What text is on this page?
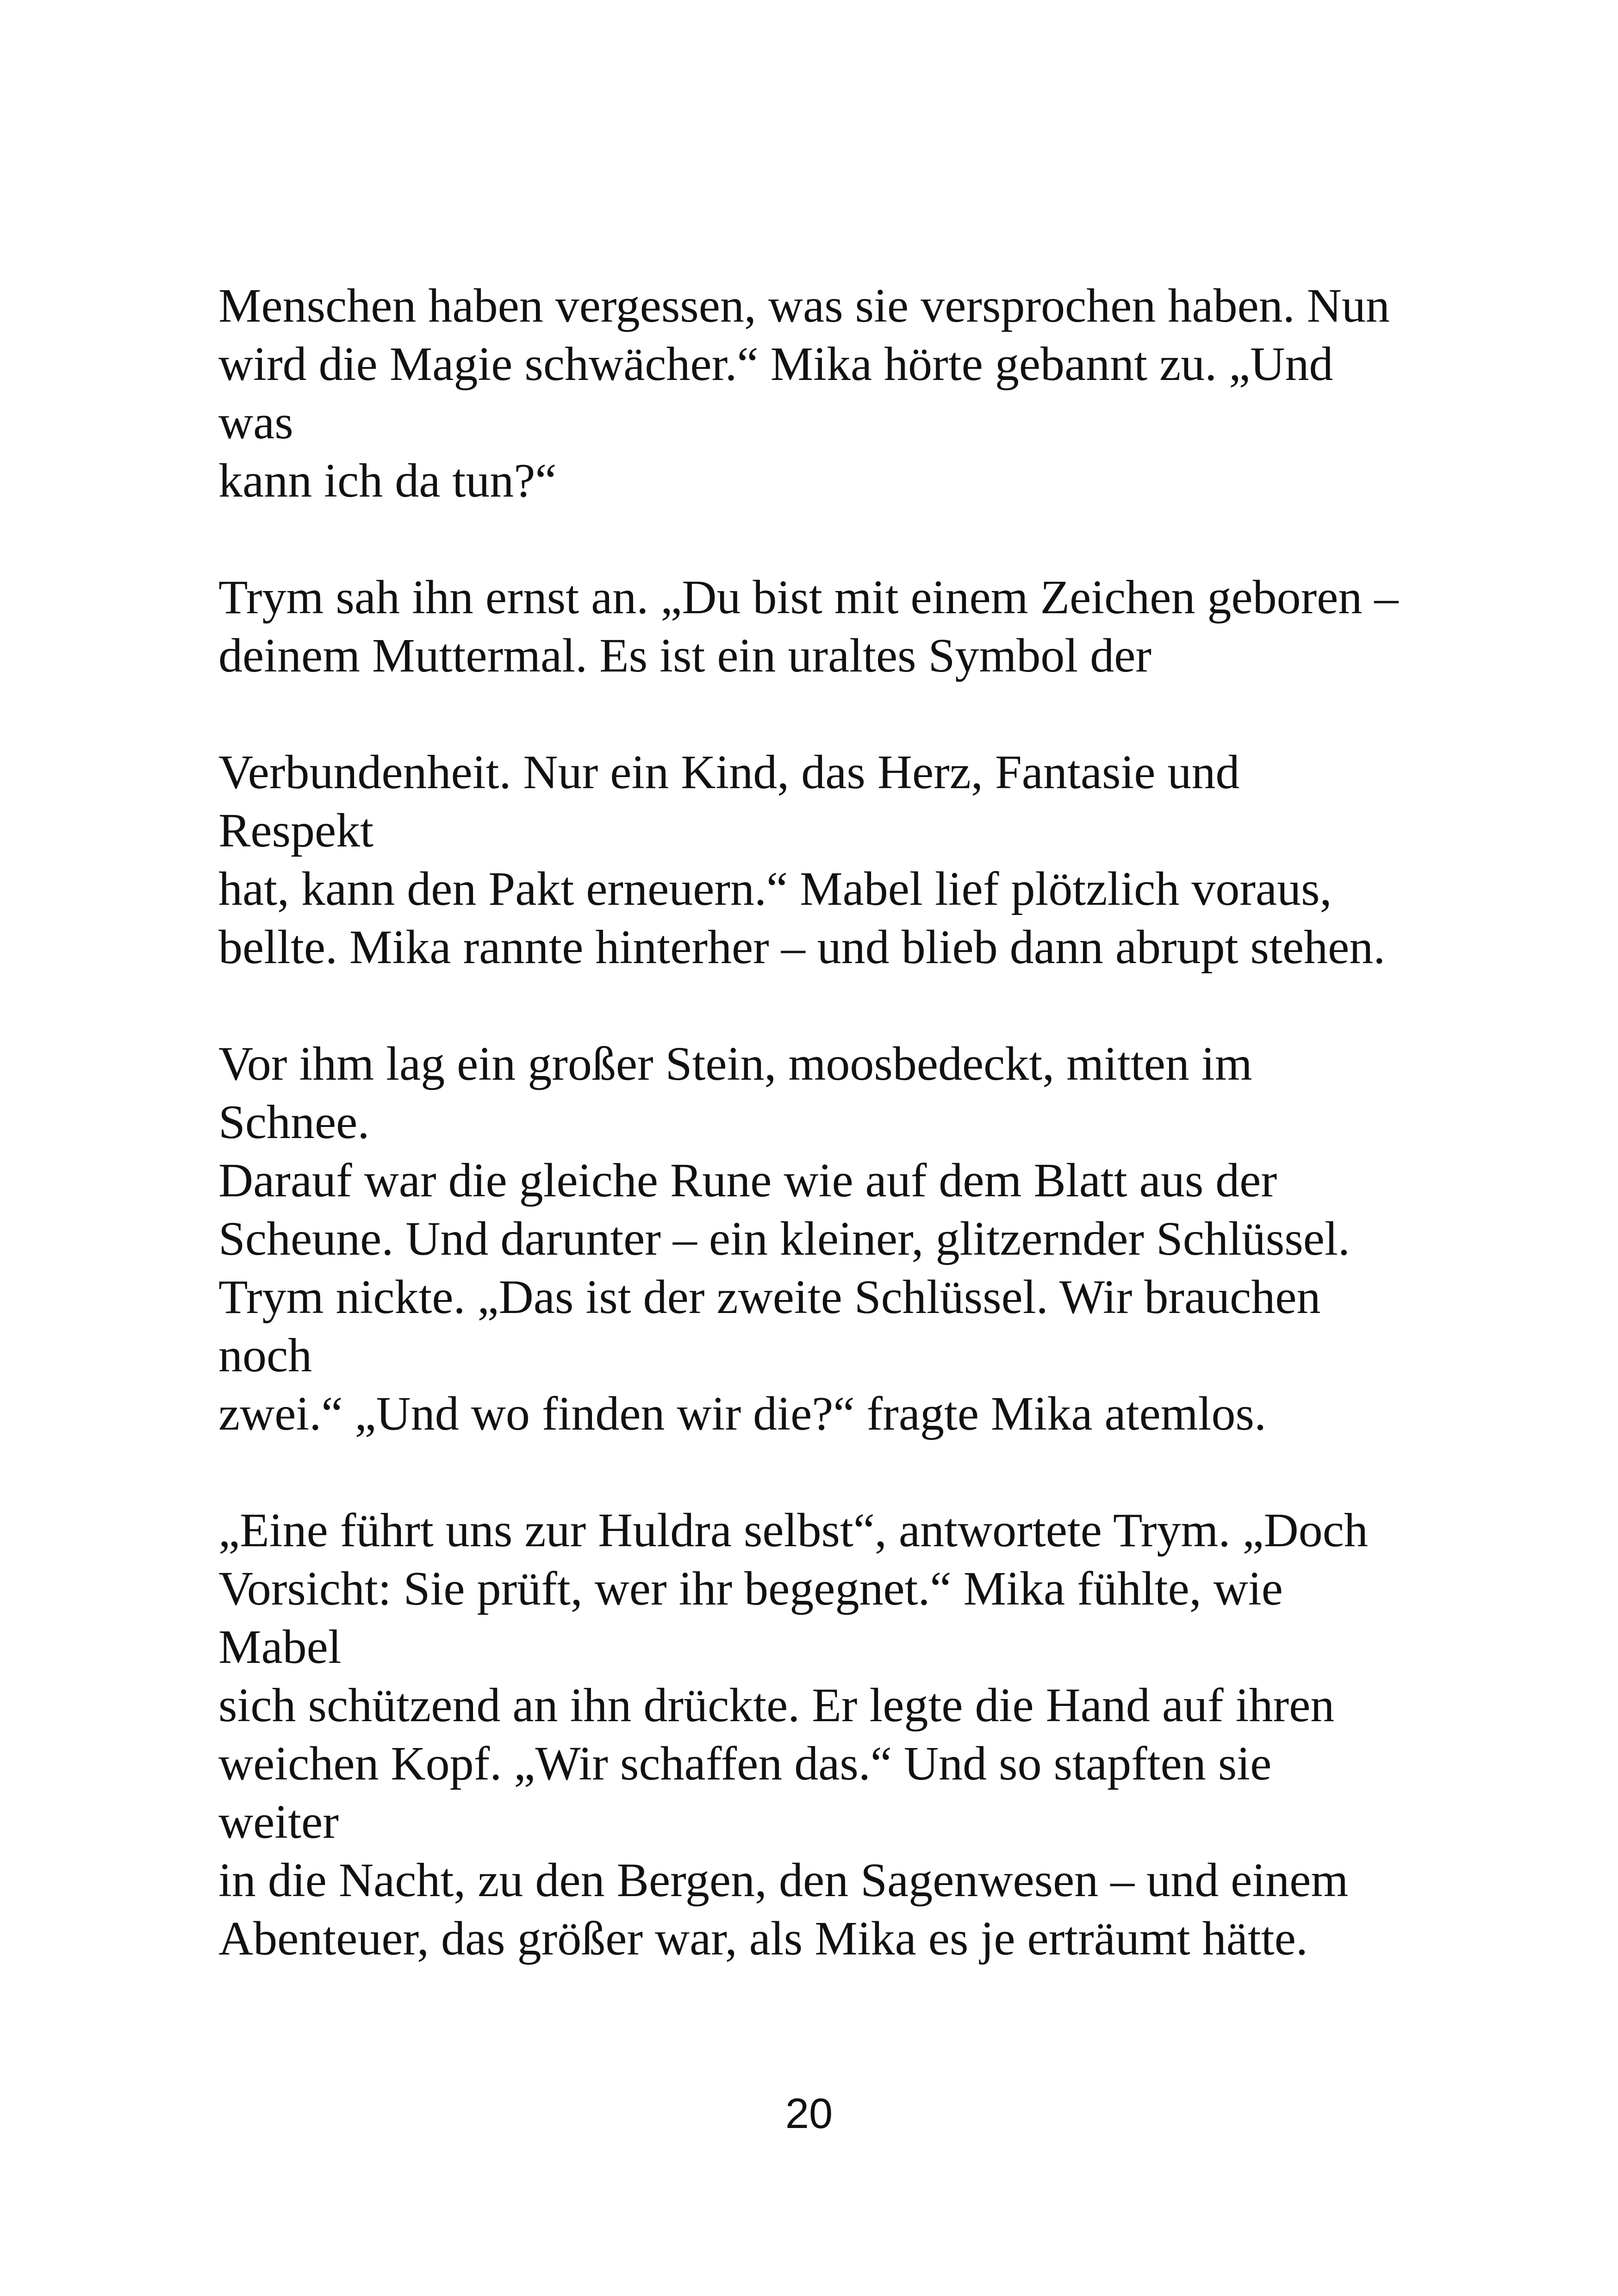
Menschen haben vergessen, was sie versprochen haben. Nun
wird die Magie schwächer.“ Mika hörte gebannt zu. „Und was
kann ich da tun?“

Trym sah ihn ernst an. „Du bist mit einem Zeichen geboren –
deinem Muttermal. Es ist ein uraltes Symbol der

Verbundenheit. Nur ein Kind, das Herz, Fantasie und Respekt
hat, kann den Pakt erneuern.“ Mabel lief plötzlich voraus,
bellte. Mika rannte hinterher – und blieb dann abrupt stehen.

Vor ihm lag ein großer Stein, moosbedeckt, mitten im Schnee.
Darauf war die gleiche Rune wie auf dem Blatt aus der
Scheune. Und darunter – ein kleiner, glitzernder Schlüssel.
Trym nickte. „Das ist der zweite Schlüssel. Wir brauchen noch
zwei.“ „Und wo finden wir die?“ fragte Mika atemlos.

„Eine führt uns zur Huldra selbst“, antwortete Trym. „Doch
Vorsicht: Sie prüft, wer ihr begegnet.“ Mika fühlte, wie Mabel
sich schützend an ihn drückte. Er legte die Hand auf ihren
weichen Kopf. „Wir schaffen das.“ Und so stapften sie weiter
in die Nacht, zu den Bergen, den Sagenwesen – und einem
Abenteuer, das größer war, als Mika es je erträumt hätte.

20
